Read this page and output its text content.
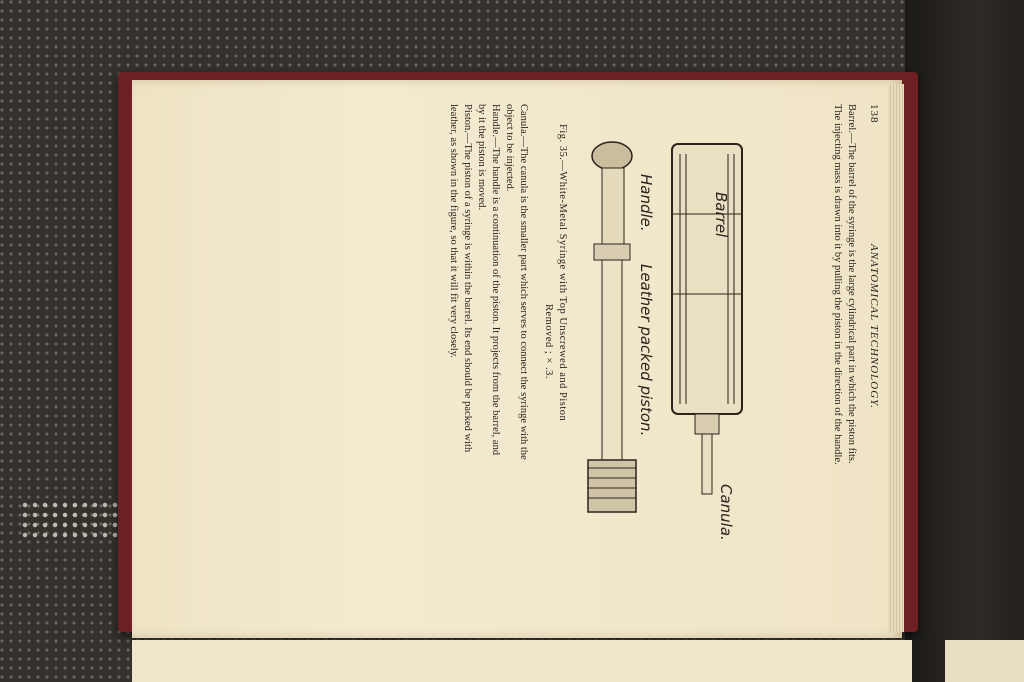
138
ANATOMICAL TECHNOLOGY.
Barrel.—The barrel of the syringe is the large cylindrical part in which the piston fits.
The injecting mass is drawn into it by pulling the piston in the direction of the handle.
Barrel
Canula.
Handle.
Leather packed piston.
Fig. 35.—White-Metal Syringe with Top Unscrewed and Piston
Removed ; × .3.
Canula.—The canula is the smaller part which serves to connect the syringe with the
object to be injected.
Handle.—The handle is a continuation of the piston. It projects from the barrel, and
by it the piston is moved.
Piston.—The piston of a syringe is within the barrel. Its end should be packed with
leather, as shown in the figure, so that it will fit very closely.
